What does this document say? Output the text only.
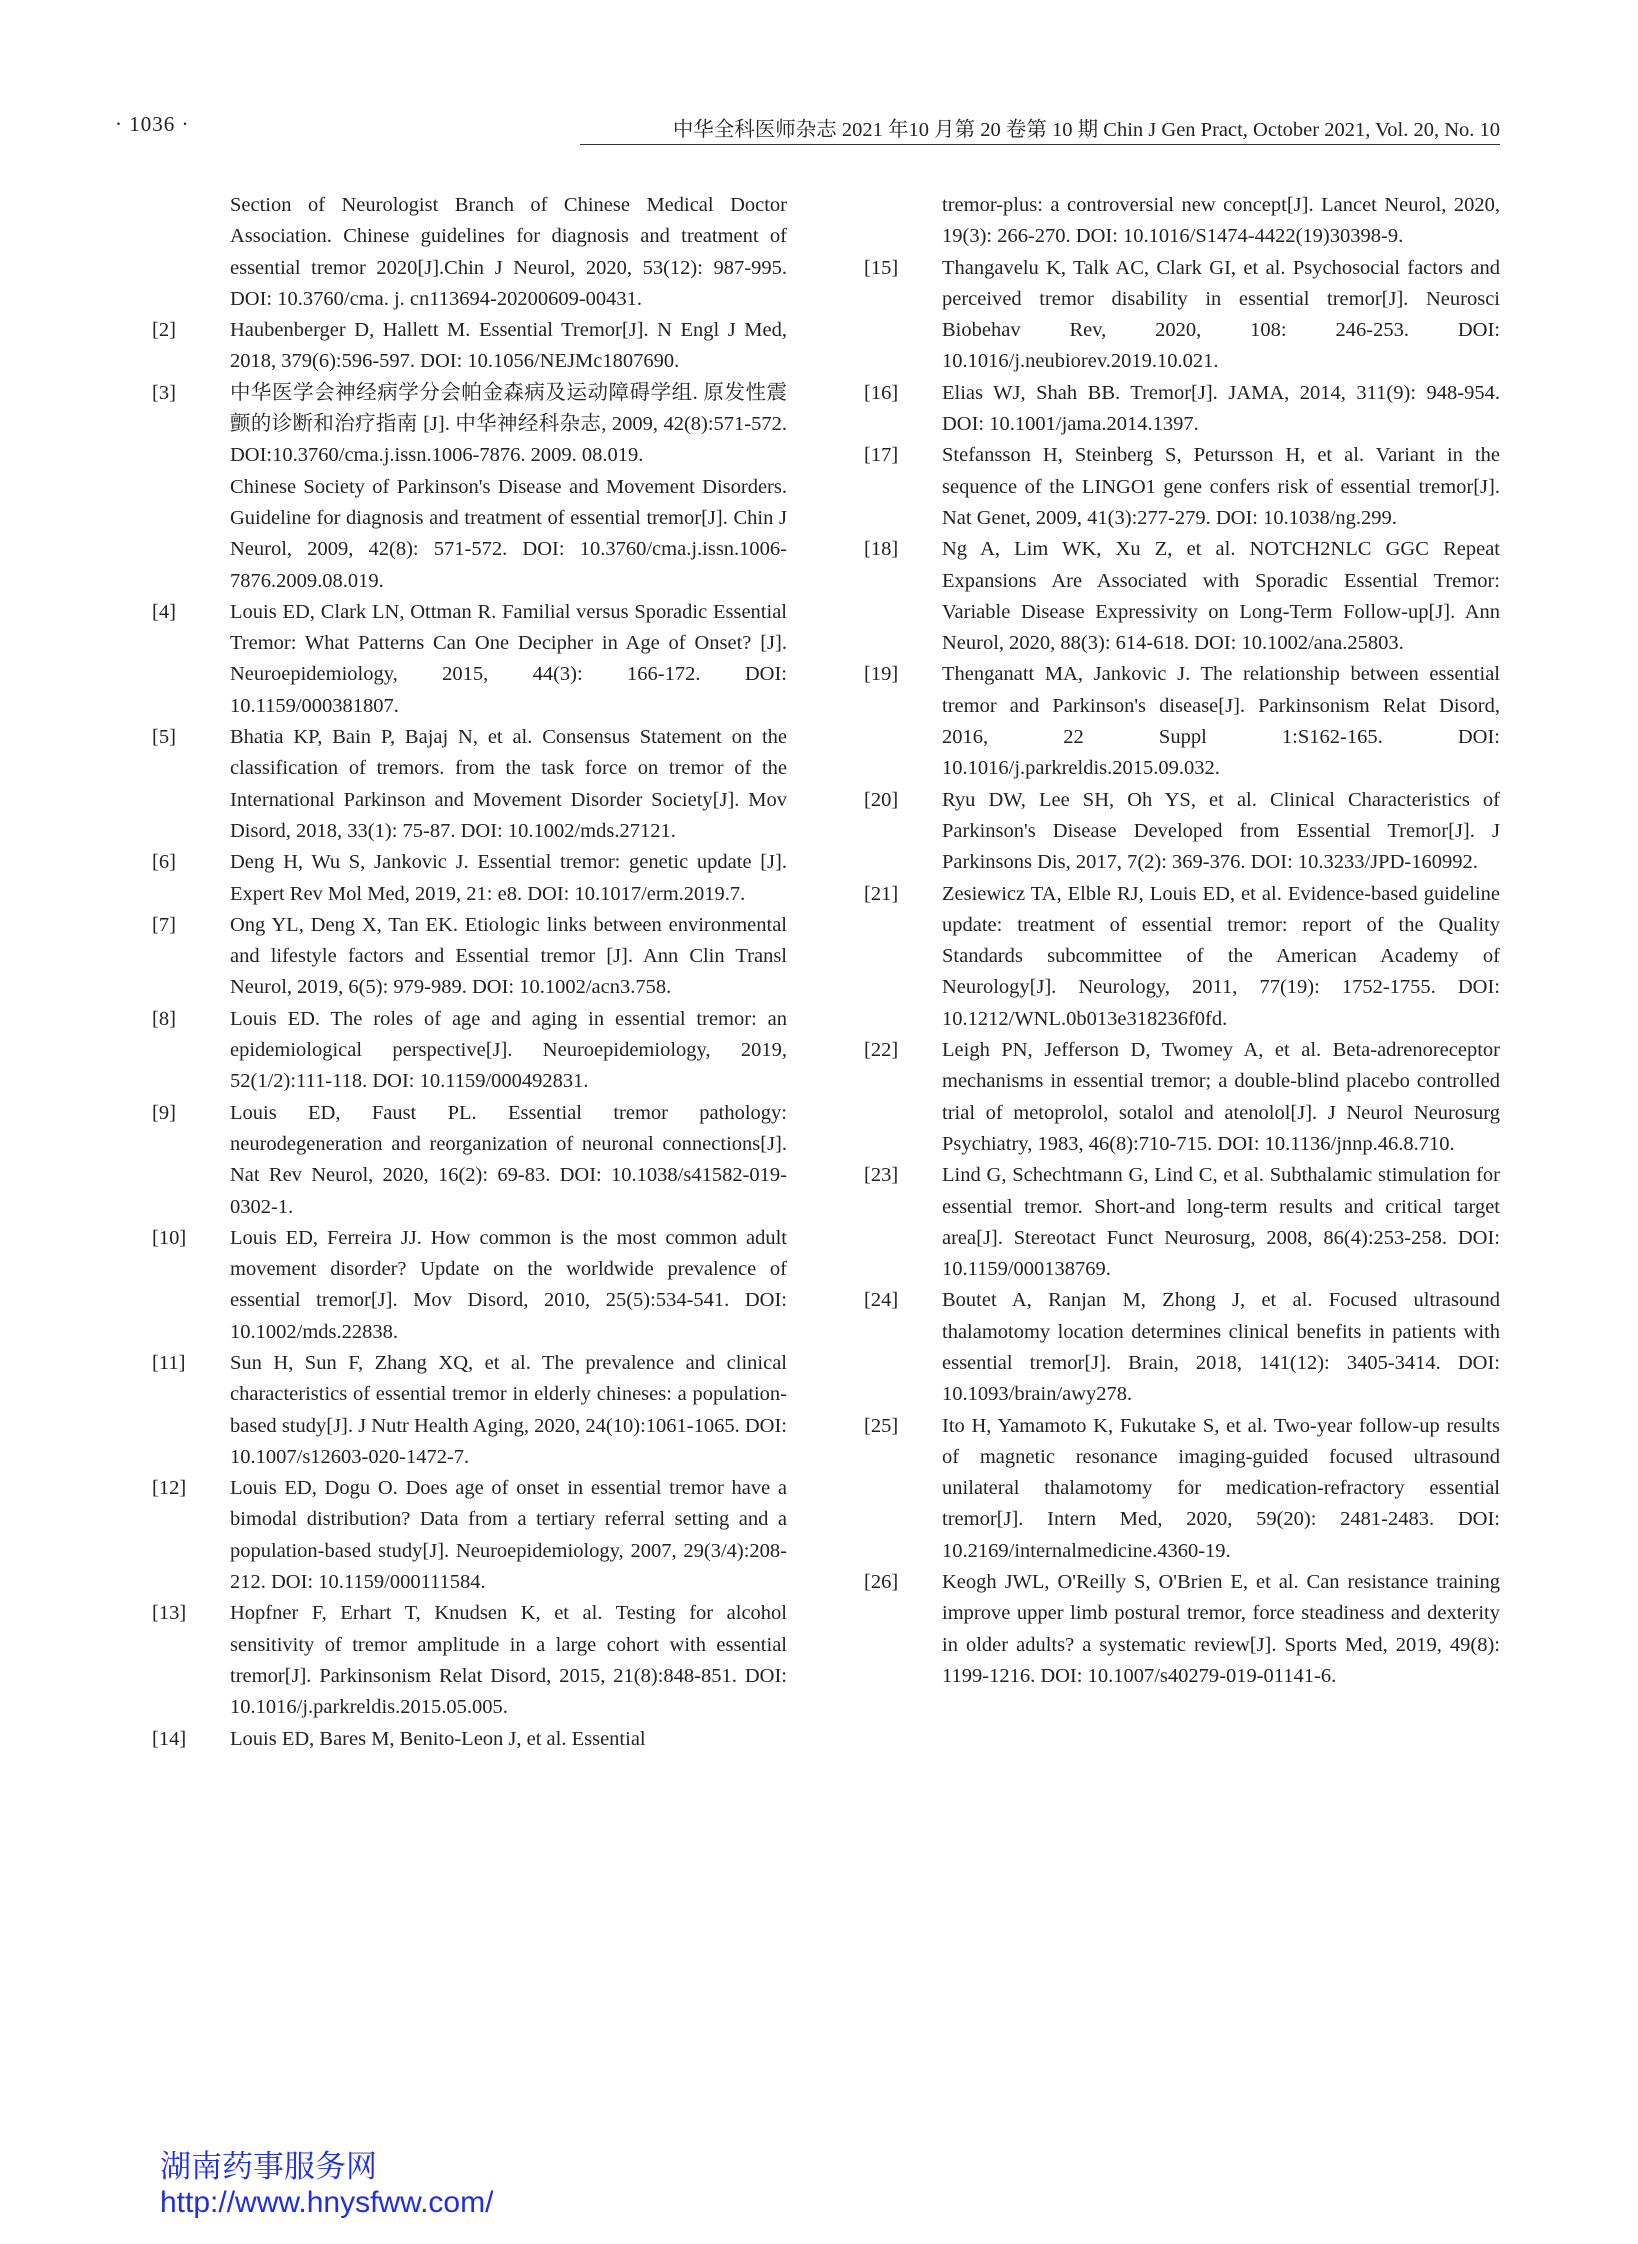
· 1036 ·	中华全科医师杂志 2021 年10 月第 20 卷第 10 期 Chin J Gen Pract, October 2021, Vol. 20, No. 10

Section of Neurologist Branch of Chinese Medical Doctor Association. Chinese guidelines for diagnosis and treatment of essential tremor 2020[J].Chin J Neurol, 2020, 53(12): 987-995. DOI: 10.3760/cma. j. cn113694-20200609-00431.

[2]	Haubenberger D, Hallett M. Essential Tremor[J]. N Engl J Med, 2018, 379(6):596-597. DOI: 10.1056/NEJMc1807690.

[3]	中华医学会神经病学分会帕金森病及运动障碍学组. 原发性震颤的诊断和治疗指南 [J]. 中华神经科杂志, 2009, 42(8):571-572. DOI:10.3760/cma.j.issn.1006-7876. 2009. 08.019.

Chinese Society of Parkinson's Disease and Movement Disorders. Guideline for diagnosis and treatment of essential tremor[J]. Chin J Neurol, 2009, 42(8): 571-572. DOI: 10.3760/cma.j.issn.1006-7876.2009.08.019.

[4]	Louis ED, Clark LN, Ottman R. Familial versus Sporadic Essential Tremor: What Patterns Can One Decipher in Age of Onset? [J]. Neuroepidemiology, 2015, 44(3): 166-172. DOI: 10.1159/000381807.

[5]	Bhatia KP, Bain P, Bajaj N, et al. Consensus Statement on the classification of tremors. from the task force on tremor of the International Parkinson and Movement Disorder Society[J]. Mov Disord, 2018, 33(1): 75-87. DOI: 10.1002/mds.27121.

[6]	Deng H, Wu S, Jankovic J. Essential tremor: genetic update [J]. Expert Rev Mol Med, 2019, 21: e8. DOI: 10.1017/erm.2019.7.

[7]	Ong YL, Deng X, Tan EK. Etiologic links between environmental and lifestyle factors and Essential tremor [J]. Ann Clin Transl Neurol, 2019, 6(5): 979-989. DOI: 10.1002/acn3.758.

[8]	Louis ED. The roles of age and aging in essential tremor: an epidemiological perspective[J]. Neuroepidemiology, 2019, 52(1/2):111-118. DOI: 10.1159/000492831.

[9]	Louis ED, Faust PL. Essential tremor pathology: neurodegeneration and reorganization of neuronal connections[J]. Nat Rev Neurol, 2020, 16(2): 69-83. DOI: 10.1038/s41582-019-0302-1.

[10] Louis ED, Ferreira JJ. How common is the most common adult movement disorder? Update on the worldwide prevalence of essential tremor[J]. Mov Disord, 2010, 25(5):534-541. DOI: 10.1002/mds.22838.

[11] Sun H, Sun F, Zhang XQ, et al. The prevalence and clinical characteristics of essential tremor in elderly chineses: a population-based study[J]. J Nutr Health Aging, 2020, 24(10):1061-1065. DOI: 10.1007/s12603-020-1472-7.

[12] Louis ED, Dogu O. Does age of onset in essential tremor have a bimodal distribution? Data from a tertiary referral setting and a population-based study[J]. Neuroepidemiology, 2007, 29(3/4):208-212. DOI: 10.1159/000111584.

[13] Hopfner F, Erhart T, Knudsen K, et al. Testing for alcohol sensitivity of tremor amplitude in a large cohort with essential tremor[J]. Parkinsonism Relat Disord, 2015, 21(8):848-851. DOI: 10.1016/j.parkreldis.2015.05.005.

[14] Louis ED, Bares M, Benito-Leon J, et al. Essential

tremor-plus: a controversial new concept[J]. Lancet Neurol, 2020, 19(3): 266-270. DOI: 10.1016/S1474-4422(19)30398-9.

[15] Thangavelu K, Talk AC, Clark GI, et al. Psychosocial factors and perceived tremor disability in essential tremor[J]. Neurosci Biobehav Rev, 2020, 108: 246-253. DOI: 10.1016/j.neubiorev.2019.10.021.

[16] Elias WJ, Shah BB. Tremor[J]. JAMA, 2014, 311(9): 948-954. DOI: 10.1001/jama.2014.1397.

[17] Stefansson H, Steinberg S, Petursson H, et al. Variant in the sequence of the LINGO1 gene confers risk of essential tremor[J]. Nat Genet, 2009, 41(3):277-279. DOI: 10.1038/ng.299.

[18] Ng A, Lim WK, Xu Z, et al. NOTCH2NLC GGC Repeat Expansions Are Associated with Sporadic Essential Tremor: Variable Disease Expressivity on Long-Term Follow-up[J]. Ann Neurol, 2020, 88(3): 614-618. DOI: 10.1002/ana.25803.

[19] Thenganatt MA, Jankovic J. The relationship between essential tremor and Parkinson's disease[J]. Parkinsonism Relat Disord, 2016, 22 Suppl 1:S162-165. DOI: 10.1016/j.parkreldis.2015.09.032.

[20] Ryu DW, Lee SH, Oh YS, et al. Clinical Characteristics of Parkinson's Disease Developed from Essential Tremor[J]. J Parkinsons Dis, 2017, 7(2): 369-376. DOI: 10.3233/JPD-160992.

[21] Zesiewicz TA, Elble RJ, Louis ED, et al. Evidence-based guideline update: treatment of essential tremor: report of the Quality Standards subcommittee of the American Academy of Neurology[J]. Neurology, 2011, 77(19): 1752-1755. DOI: 10.1212/WNL.0b013e318236f0fd.

[22] Leigh PN, Jefferson D, Twomey A, et al. Beta-adrenoreceptor mechanisms in essential tremor; a double-blind placebo controlled trial of metoprolol, sotalol and atenolol[J]. J Neurol Neurosurg Psychiatry, 1983, 46(8):710-715. DOI: 10.1136/jnnp.46.8.710.

[23] Lind G, Schechtmann G, Lind C, et al. Subthalamic stimulation for essential tremor. Short-and long-term results and critical target area[J]. Stereotact Funct Neurosurg, 2008, 86(4):253-258. DOI: 10.1159/000138769.

[24] Boutet A, Ranjan M, Zhong J, et al. Focused ultrasound thalamotomy location determines clinical benefits in patients with essential tremor[J]. Brain, 2018, 141(12): 3405-3414. DOI: 10.1093/brain/awy278.

[25] Ito H, Yamamoto K, Fukutake S, et al. Two-year follow-up results of magnetic resonance imaging-guided focused ultrasound unilateral thalamotomy for medication-refractory essential tremor[J]. Intern Med, 2020, 59(20): 2481-2483. DOI: 10.2169/internalmedicine.4360-19.

[26] Keogh JWL, O'Reilly S, O'Brien E, et al. Can resistance training improve upper limb postural tremor, force steadiness and dexterity in older adults? a systematic review[J]. Sports Med, 2019, 49(8): 1199-1216. DOI: 10.1007/s40279-019-01141-6.

湖南药事服务网
http://www.hnysfww.com/
